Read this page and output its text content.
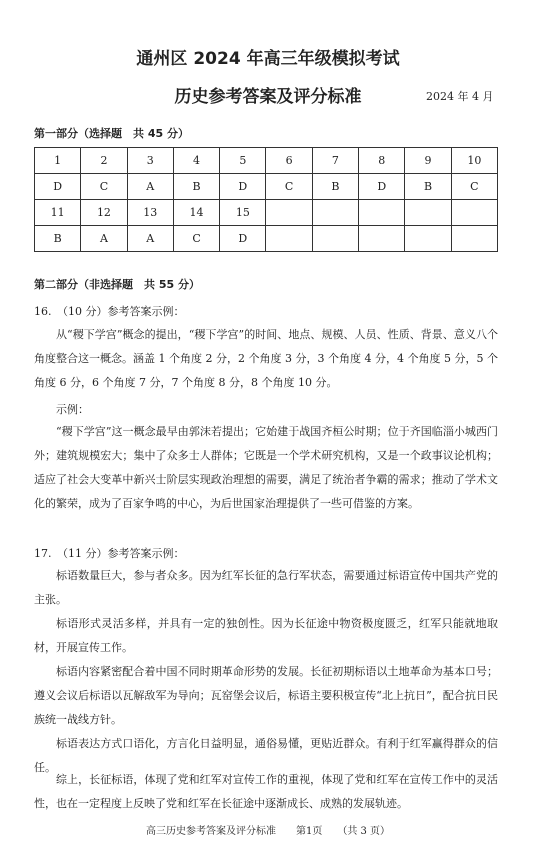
通州区 2024 年高三年级模拟考试
历史参考答案及评分标准	2024 年 4 月
第一部分（选择题　共 45 分）
1	2	3	4	5	6	7	8	9	10
D	C	A	B	D	C	B	D	B	C
11	12	13	14	15					
B	A	A	C	D					
第二部分（非选择题　共 55 分）
16.　（10 分）参考答案示例：
从“稷下学宫”概念的提出，“稷下学宫”的时间、地点、规模、人员、性质、背景、意义八个角度整合这一概念。涵盖 1 个角度 2 分，2 个角度 3 分，3 个角度 4 分，4 个角度 5 分，5 个角度 6 分，6 个角度 7 分，7 个角度 8 分，8 个角度 10 分。
示例：
“稷下学宫”这一概念最早由郭沫若提出；它始建于战国齐桓公时期；位于齐国临淄小城西门外；建筑规模宏大；集中了众多士人群体；它既是一个学术研究机构，又是一个政事议论机构；适应了社会大变革中新兴士阶层实现政治理想的需要，满足了统治者争霸的需求；推动了学术文化的繁荣，成为了百家争鸣的中心，为后世国家治理提供了一些可借鉴的方案。
17.　（11 分）参考答案示例：
标语数量巨大，参与者众多。因为红军长征的急行军状态，需要通过标语宣传中国共产党的主张。
标语形式灵活多样，并具有一定的独创性。因为长征途中物资极度匮乏，红军只能就地取材，开展宣传工作。
标语内容紧密配合着中国不同时期革命形势的发展。长征初期标语以土地革命为基本口号；遵义会议后标语以瓦解敌军为导向；瓦窑堡会议后，标语主要积极宣传“北上抗日”，配合抗日民族统一战线方针。
标语表达方式口语化，方言化日益明显，通俗易懂，更贴近群众。有利于红军赢得群众的信任。
综上，长征标语，体现了党和红军对宣传工作的重视，体现了党和红军在宣传工作中的灵活性，也在一定程度上反映了党和红军在长征途中逐渐成长、成熟的发展轨迹。
高三历史参考答案及评分标准　　第1页　　（共 3 页）
